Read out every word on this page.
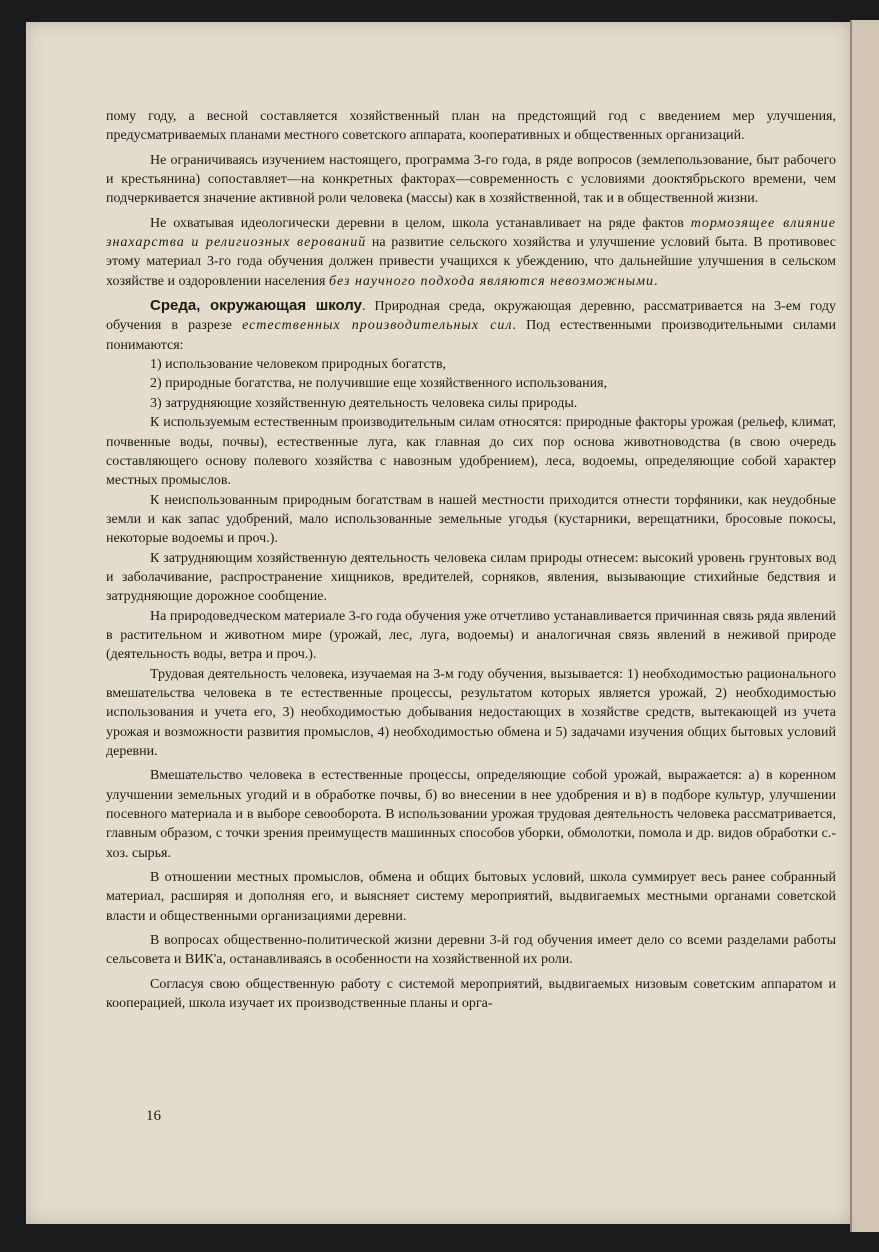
пому году, а весной составляется хозяйственный план на предстоящий год с введением мер улучшения, предусматриваемых планами местного советского аппарата, кооперативных и общественных организаций.

Не ограничиваясь изучением настоящего, программа 3-го года, в ряде вопросов (землепользование, быт рабочего и крестьянина) сопоставляет—на конкретных факторах—современность с условиями дооктябрьского времени, чем подчеркивается значение активной роли человека (массы) как в хозяйственной, так и в общественной жизни.

Не охватывая идеологически деревни в целом, школа устанавливает на ряде фактов тормозящее влияние знахарства и религиозных верований на развитие сельского хозяйства и улучшение условий быта. В противовес этому материал 3-го года обучения должен привести учащихся к убеждению, что дальнейшие улучшения в сельском хозяйстве и оздоровлении населения без научного подхода являются невозможными.

Среда, окружающая школу. Природная среда, окружающая деревню, рассматривается на 3-ем году обучения в разрезе естественных производительных сил. Под естественными производительными силами понимаются:

1) использование человеком природных богатств,

2) природные богатства, не получившие еще хозяйственного использования,

3) затрудняющие хозяйственную деятельность человека силы природы.

К используемым естественным производительным силам относятся: природные факторы урожая (рельеф, климат, почвенные воды, почвы), естественные луга, как главная до сих пор основа животноводства (в свою очередь составляющего основу полевого хозяйства с навозным удобрением), леса, водоемы, определяющие собой характер местных промыслов.

К неиспользованным природным богатствам в нашей местности приходится отнести торфяники, как неудобные земли и как запас удобрений, мало использованные земельные угодья (кустарники, верещатники, бросовые покосы, некоторые водоемы и проч.).

К затрудняющим хозяйственную деятельность человека силам природы отнесем: высокий уровень грунтовых вод и заболачивание, распространение хищников, вредителей, сорняков, явления, вызывающие стихийные бедствия и затрудняющие дорожное сообщение.

На природоведческом материале 3-го года обучения уже отчетливо устанавливается причинная связь ряда явлений в растительном и животном мире (урожай, лес, луга, водоемы) и аналогичная связь явлений в неживой природе (деятельность воды, ветра и проч.).

Трудовая деятельность человека, изучаемая на 3-м году обучения, вызывается: 1) необходимостью рационального вмешательства человека в те естественные процессы, результатом которых является урожай, 2) необходимостью использования и учета его, 3) необходимостью добывания недостающих в хозяйстве средств, вытекающей из учета урожая и возможности развития промыслов, 4) необходимостью обмена и 5) задачами изучения общих бытовых условий деревни.

Вмешательство человека в естественные процессы, определяющие собой урожай, выражается: а) в коренном улучшении земельных угодий и в обработке почвы, б) во внесении в нее удобрения и в) в подборе культур, улучшении посевного материала и в выборе севооборота. В использовании урожая трудовая деятельность человека рассматривается, главным образом, с точки зрения преимуществ машинных способов уборки, обмолотки, помола и др. видов обработки с.-хоз. сырья.

В отношении местных промыслов, обмена и общих бытовых условий, школа суммирует весь ранее собранный материал, расширяя и дополняя его, и выясняет систему мероприятий, выдвигаемых местными органами советской власти и общественными организациями деревни.

В вопросах общественно-политической жизни деревни 3-й год обучения имеет дело со всеми разделами работы сельсовета и ВИК'а, останавливаясь в особенности на хозяйственной их роли.

Согласуя свою общественную работу с системой мероприятий, выдвигаемых низовым советским аппаратом и кооперацией, школа изучает их производственные планы и орга-

16
